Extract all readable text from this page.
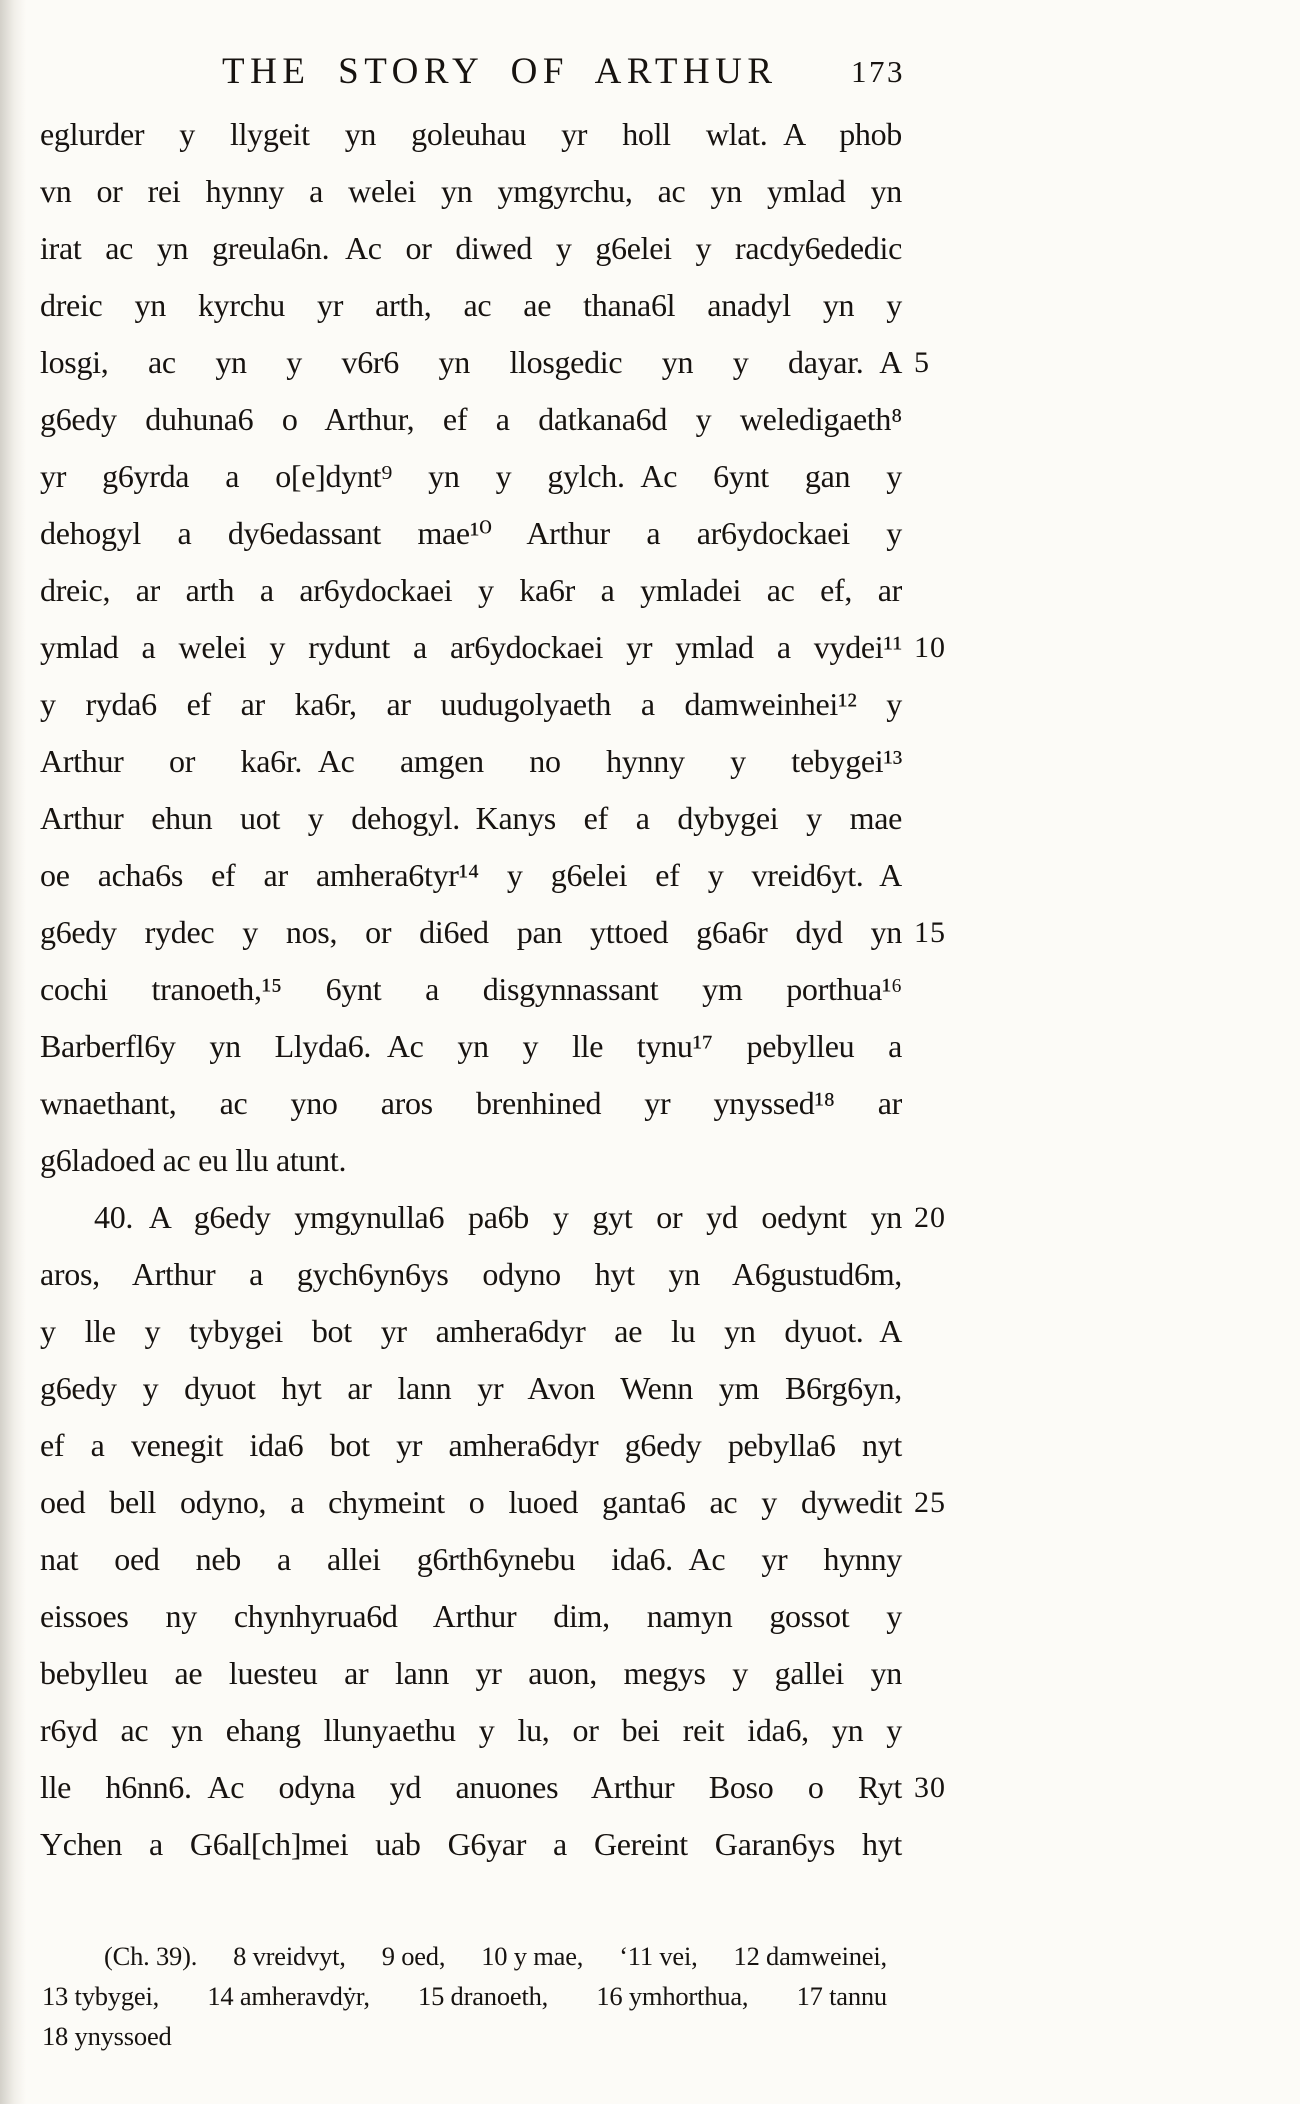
THE STORY OF ARTHUR 173
eglurder y llygeit yn goleuhau yr holl wlat. A phob
vn or rei hynny a welei yn ymgyrchu, ac yn ymlad yn
irat ac yn greula6n. Ac or diwed y g6elei y racdy6ededic
dreic yn kyrchu yr arth, ac ae thana6l anadyl yn y
losgi, ac yn y v6r6 yn llosgedic yn y dayar. A 5
g6edy duhuna6 o Arthur, ef a datkana6d y weledigaeth⁸
yr g6yrda a o[e]dynt⁹ yn y gylch. Ac 6ynt gan y
dehogyl a dy6edassant mae¹⁰ Arthur a ar6ydockaei y
dreic, ar arth a ar6ydockaei y ka6r a ymladei ac ef, ar
ymlad a welei y rydunt a ar6ydockaei yr ymlad a vydei¹¹ 10
y ryda6 ef ar ka6r, ar uudugolyaeth a damweinhei¹² y
Arthur or ka6r. Ac amgen no hynny y tebygei¹³
Arthur ehun uot y dehogyl. Kanys ef a dybygei y mae
oe acha6s ef ar amhera6tyr¹⁴ y g6elei ef y vreid6yt. A
g6edy rydec y nos, or di6ed pan yttoed g6a6r dyd yn 15
cochi tranoeth,¹⁵ 6ynt a disgynnassant ym porthua¹⁶
Barberfl6y yn Llyda6. Ac yn y lle tynu¹⁷ pebylleu a
wnaethant, ac yno aros brenhined yr ynyssed¹⁸ ar
g6ladoed ac eu llu atunt.
40. A g6edy ymgynulla6 pa6b y gyt or yd oedynt yn 20
aros, Arthur a gych6yn6ys odyno hyt yn A6gustud6m,
y lle y tybygei bot yr amhera6dyr ae lu yn dyuot. A
g6edy y dyuot hyt ar lann yr Avon Wenn ym B6rg6yn,
ef a venegit ida6 bot yr amhera6dyr g6edy pebylla6 nyt
oed bell odyno, a chymeint o luoed ganta6 ac y dywedit 25
nat oed neb a allei g6rth6ynebu ida6. Ac yr hynny
eissoes ny chynhyrua6d Arthur dim, namyn gossot y
bebylleu ae luesteu ar lann yr auon, megys y gallei yn
r6yd ac yn ehang llunyaethu y lu, or bei reit ida6, yn y
lle h6nn6. Ac odyna yd anuones Arthur Boso o Ryt 30
Ychen a G6al[ch]mei uab G6yar a Gereint Garan6ys hyt
(Ch. 39). 8 vreidvyt, 9 oed, 10 y mae, ‘11 vei, 12 damweinei,
13 tybygei, 14 amheravdẏr, 15 dranoeth, 16 ymhorthua, 17 tannu
18 ynyssoed
